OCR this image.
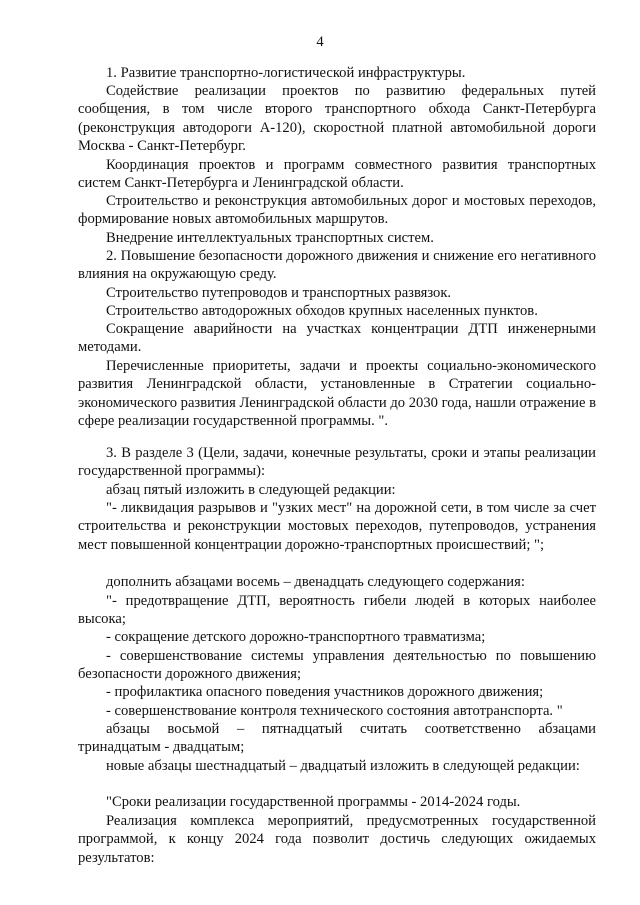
4

1. Развитие транспортно-логистической инфраструктуры.

Содействие реализации проектов по развитию федеральных путей сообщения, в том числе второго транспортного обхода Санкт-Петербурга (реконструкция автодороги А-120), скоростной платной автомобильной дороги Москва - Санкт-Петербург.

Координация проектов и программ совместного развития транспортных систем Санкт-Петербурга и Ленинградской области.

Строительство и реконструкция автомобильных дорог и мостовых переходов, формирование новых автомобильных маршрутов.

Внедрение интеллектуальных транспортных систем.

2. Повышение безопасности дорожного движения и снижение его негативного влияния на окружающую среду.

Строительство путепроводов и транспортных развязок.

Строительство автодорожных обходов крупных населенных пунктов.

Сокращение аварийности на участках концентрации ДТП инженерными методами.

Перечисленные приоритеты, задачи и проекты социально-экономического развития Ленинградской области, установленные в Стратегии социально-экономического развития Ленинградской области до 2030 года, нашли отражение в сфере реализации государственной программы. ".

3. В разделе 3 (Цели, задачи, конечные результаты, сроки и этапы реализации государственной программы):

абзац пятый изложить в следующей редакции:

"- ликвидация разрывов и "узких мест" на дорожной сети, в том числе за счет строительства и реконструкции мостовых переходов, путепроводов, устранения мест повышенной концентрации дорожно-транспортных происшествий; ";

дополнить абзацами восемь – двенадцать следующего содержания:

"- предотвращение ДТП, вероятность гибели людей в которых наиболее высока;

- сокращение детского дорожно-транспортного травматизма;

- совершенствование системы управления деятельностью по повышению безопасности дорожного движения;

- профилактика опасного поведения участников дорожного движения;

- совершенствование контроля технического состояния автотранспорта. "

абзацы восьмой – пятнадцатый считать соответственно абзацами тринадцатым - двадцатым;

новые абзацы шестнадцатый – двадцатый изложить в следующей редакции:

"Сроки реализации государственной программы - 2014-2024 годы.

Реализация комплекса мероприятий, предусмотренных государственной программой, к концу 2024 года позволит достичь следующих ожидаемых результатов:
